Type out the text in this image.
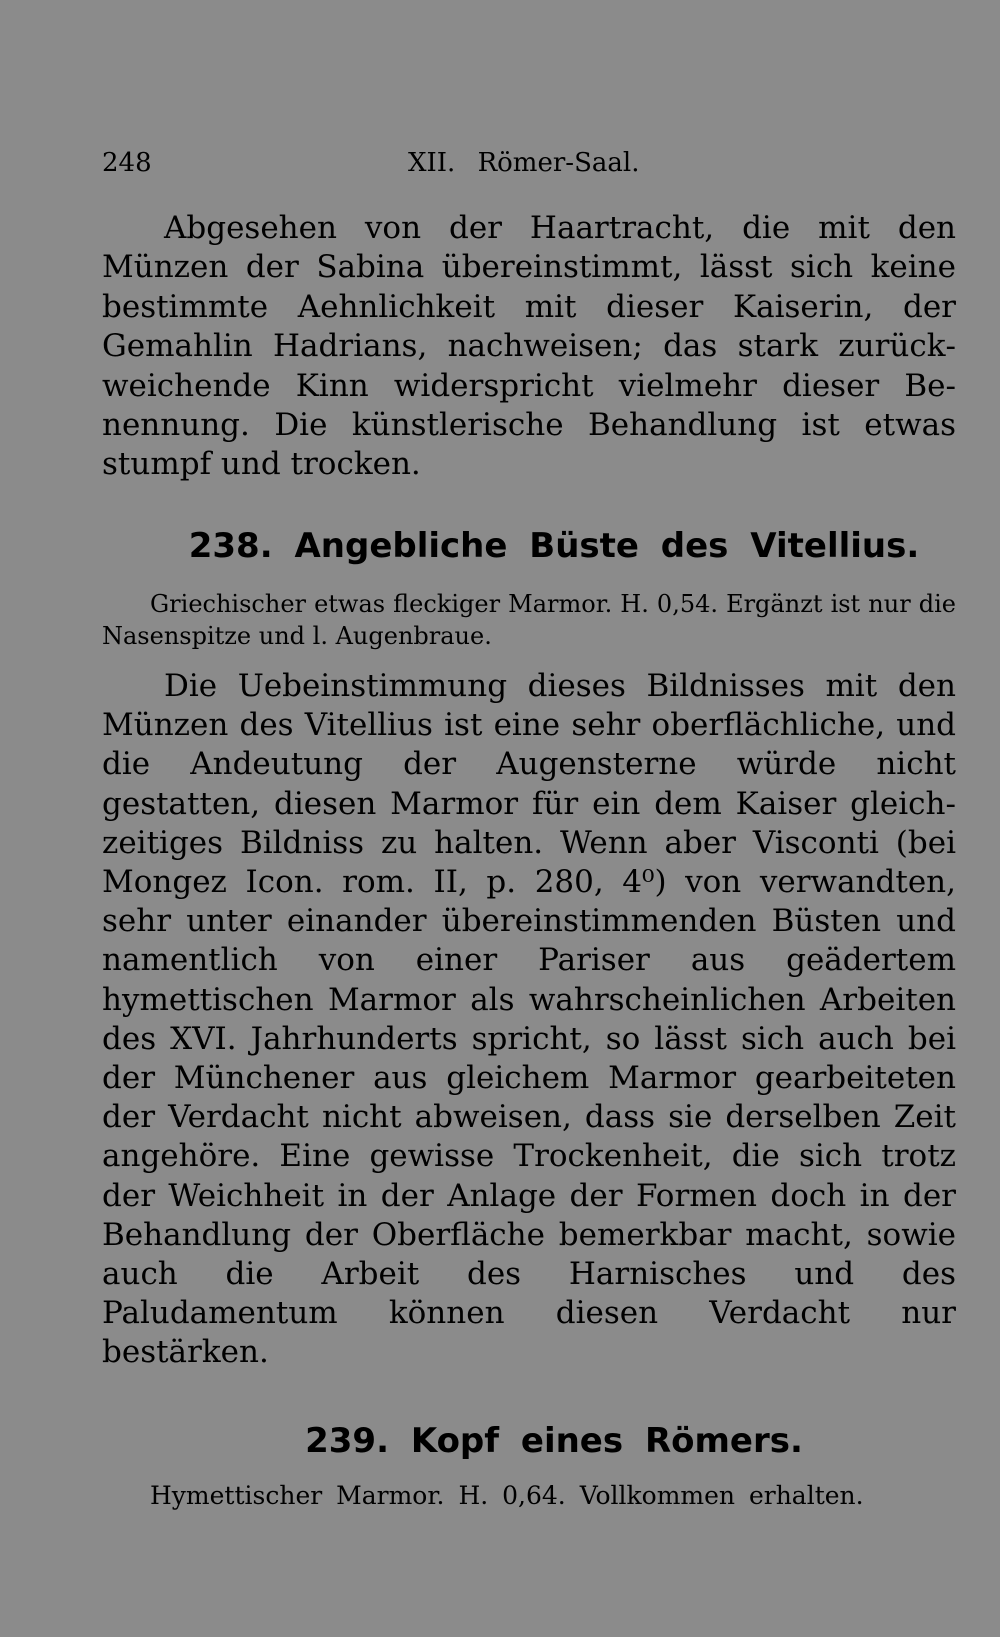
248	XII. Römer-Saal.

Abgesehen von der Haartracht, die mit den Münzen der Sabina übereinstimmt, lässt sich keine bestimmte Aehnlichkeit mit dieser Kaiserin, der Gemahlin Hadrians, nachweisen; das stark zurückweichende Kinn widerspricht vielmehr dieser Benennung. Die künstlerische Behandlung ist etwas stumpf und trocken.

238. Angebliche Büste des Vitellius.

Griechischer etwas fleckiger Marmor. H. 0,54. Ergänzt ist nur die Nasenspitze und l. Augenbraue.

Die Uebeinstimmung dieses Bildnisses mit den Münzen des Vitellius ist eine sehr oberflächliche, und die Andeutung der Augensterne würde nicht gestatten, diesen Marmor für ein dem Kaiser gleichzeitiges Bildniss zu halten. Wenn aber Visconti (bei Mongez Icon. rom. II, p. 280, 4⁰) von verwandten, sehr unter einander übereinstimmenden Büsten und namentlich von einer Pariser aus geädertem hymettischen Marmor als wahrscheinlichen Arbeiten des XVI. Jahrhunderts spricht, so lässt sich auch bei der Münchener aus gleichem Marmor gearbeiteten der Verdacht nicht abweisen, dass sie derselben Zeit angehöre. Eine gewisse Trockenheit, die sich trotz der Weichheit in der Anlage der Formen doch in der Behandlung der Oberfläche bemerkbar macht, sowie auch die Arbeit des Harnisches und des Paludamentum können diesen Verdacht nur bestärken.

239. Kopf eines Römers.

Hymettischer Marmor. H. 0,64. Vollkommen erhalten.
